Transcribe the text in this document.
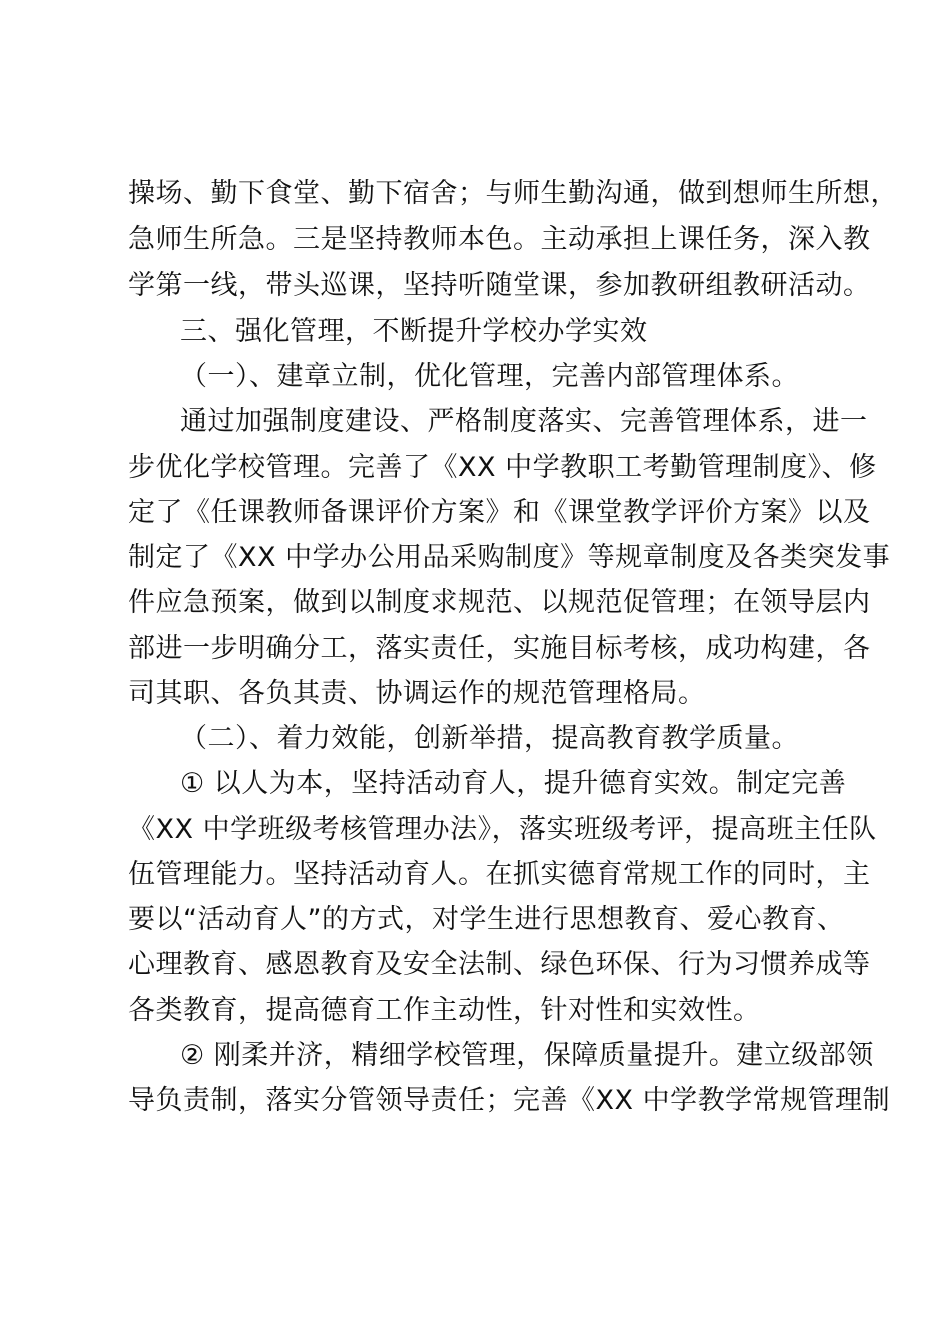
操场、勤下食堂、勤下宿舍；与师生勤沟通，做到想师生所想，
急师生所急。三是坚持教师本色。主动承担上课任务，深入教
学第一线，带头巡课，坚持听随堂课，参加教研组教研活动。
三、强化管理，不断提升学校办学实效
（一）、建章立制，优化管理，完善内部管理体系。
通过加强制度建设、严格制度落实、完善管理体系，进一
步优化学校管理。完善了《XX 中学教职工考勤管理制度》、修
定了《任课教师备课评价方案》和《课堂教学评价方案》以及
制定了《XX 中学办公用品采购制度》等规章制度及各类突发事
件应急预案，做到以制度求规范、以规范促管理；在领导层内
部进一步明确分工，落实责任，实施目标考核，成功构建，各
司其职、各负其责、协调运作的规范管理格局。
（二）、着力效能，创新举措，提高教育教学质量。
① 以人为本，坚持活动育人，提升德育实效。制定完善
《XX 中学班级考核管理办法》，落实班级考评，提高班主任队
伍管理能力。坚持活动育人。在抓实德育常规工作的同时，主
要以“活动育人”的方式，对学生进行思想教育、爱心教育、
心理教育、感恩教育及安全法制、绿色环保、行为习惯养成等
各类教育，提高德育工作主动性，针对性和实效性。
② 刚柔并济，精细学校管理，保障质量提升。建立级部领
导负责制，落实分管领导责任；完善《XX 中学教学常规管理制
